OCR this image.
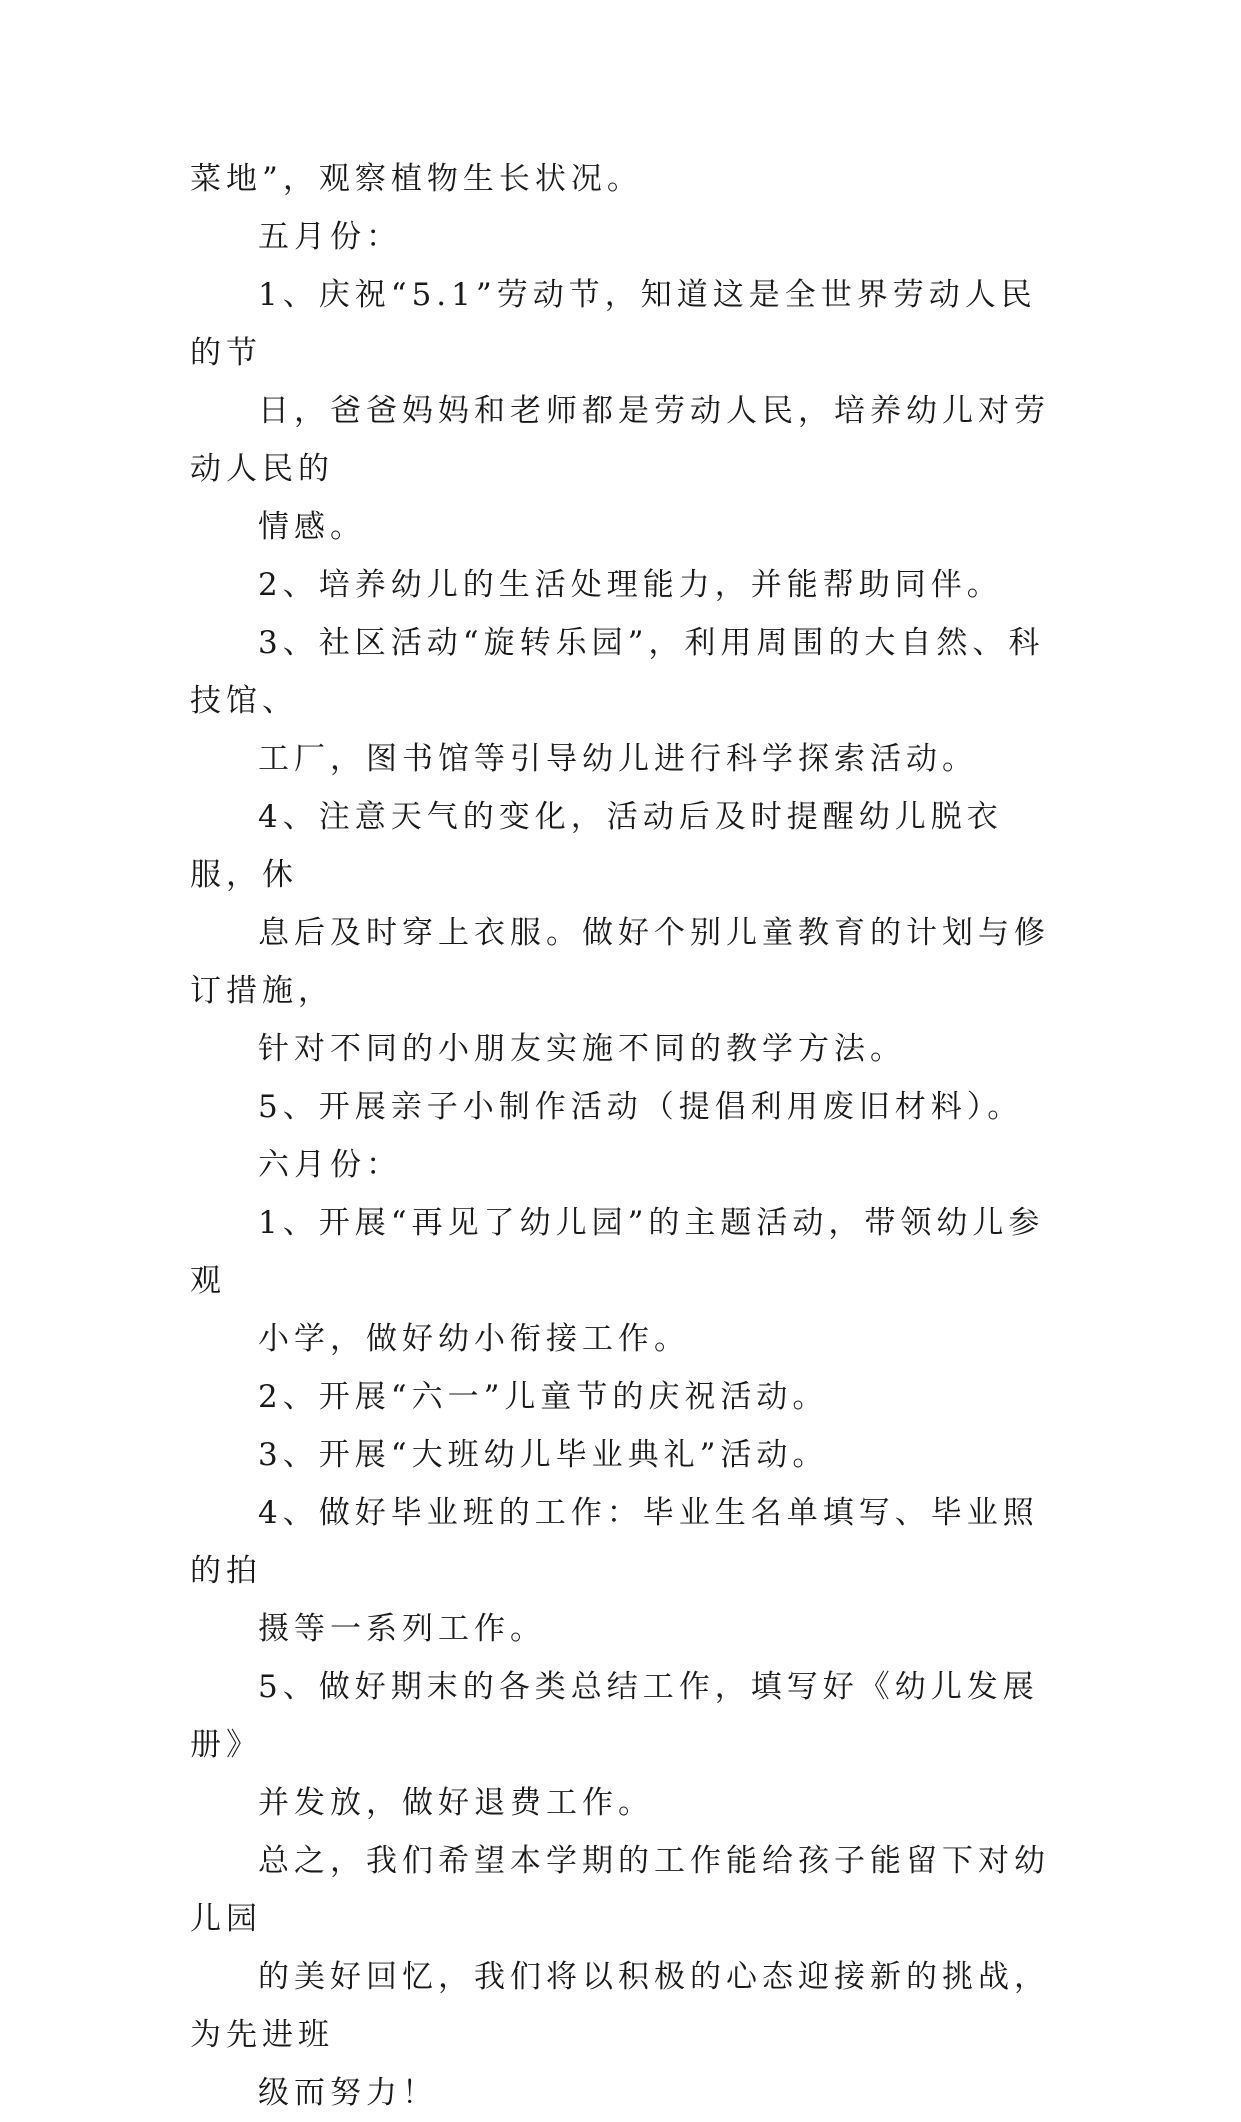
菜地”，观察植物生长状况。

五月份：

1、庆祝“5.1”劳动节，知道这是全世界劳动人民的节
日，爸爸妈妈和老师都是劳动人民，培养幼儿对劳动人民的
情感。

2、培养幼儿的生活处理能力，并能帮助同伴。

3、社区活动“旋转乐园”，利用周围的大自然、科技馆、
工厂，图书馆等引导幼儿进行科学探索活动。

4、注意天气的变化，活动后及时提醒幼儿脱衣服，休
息后及时穿上衣服。做好个别儿童教育的计划与修订措施，
针对不同的小朋友实施不同的教学方法。

5、开展亲子小制作活动（提倡利用废旧材料）。

六月份：

1、开展“再见了幼儿园”的主题活动，带领幼儿参观
小学，做好幼小衔接工作。

2、开展“六一”儿童节的庆祝活动。

3、开展“大班幼儿毕业典礼”活动。

4、做好毕业班的工作：毕业生名单填写、毕业照的拍
摄等一系列工作。

5、做好期末的各类总结工作，填写好《幼儿发展册》
并发放，做好退费工作。

总之，我们希望本学期的工作能给孩子能留下对幼儿园
的美好回忆，我们将以积极的心态迎接新的挑战，为先进班
级而努力！
